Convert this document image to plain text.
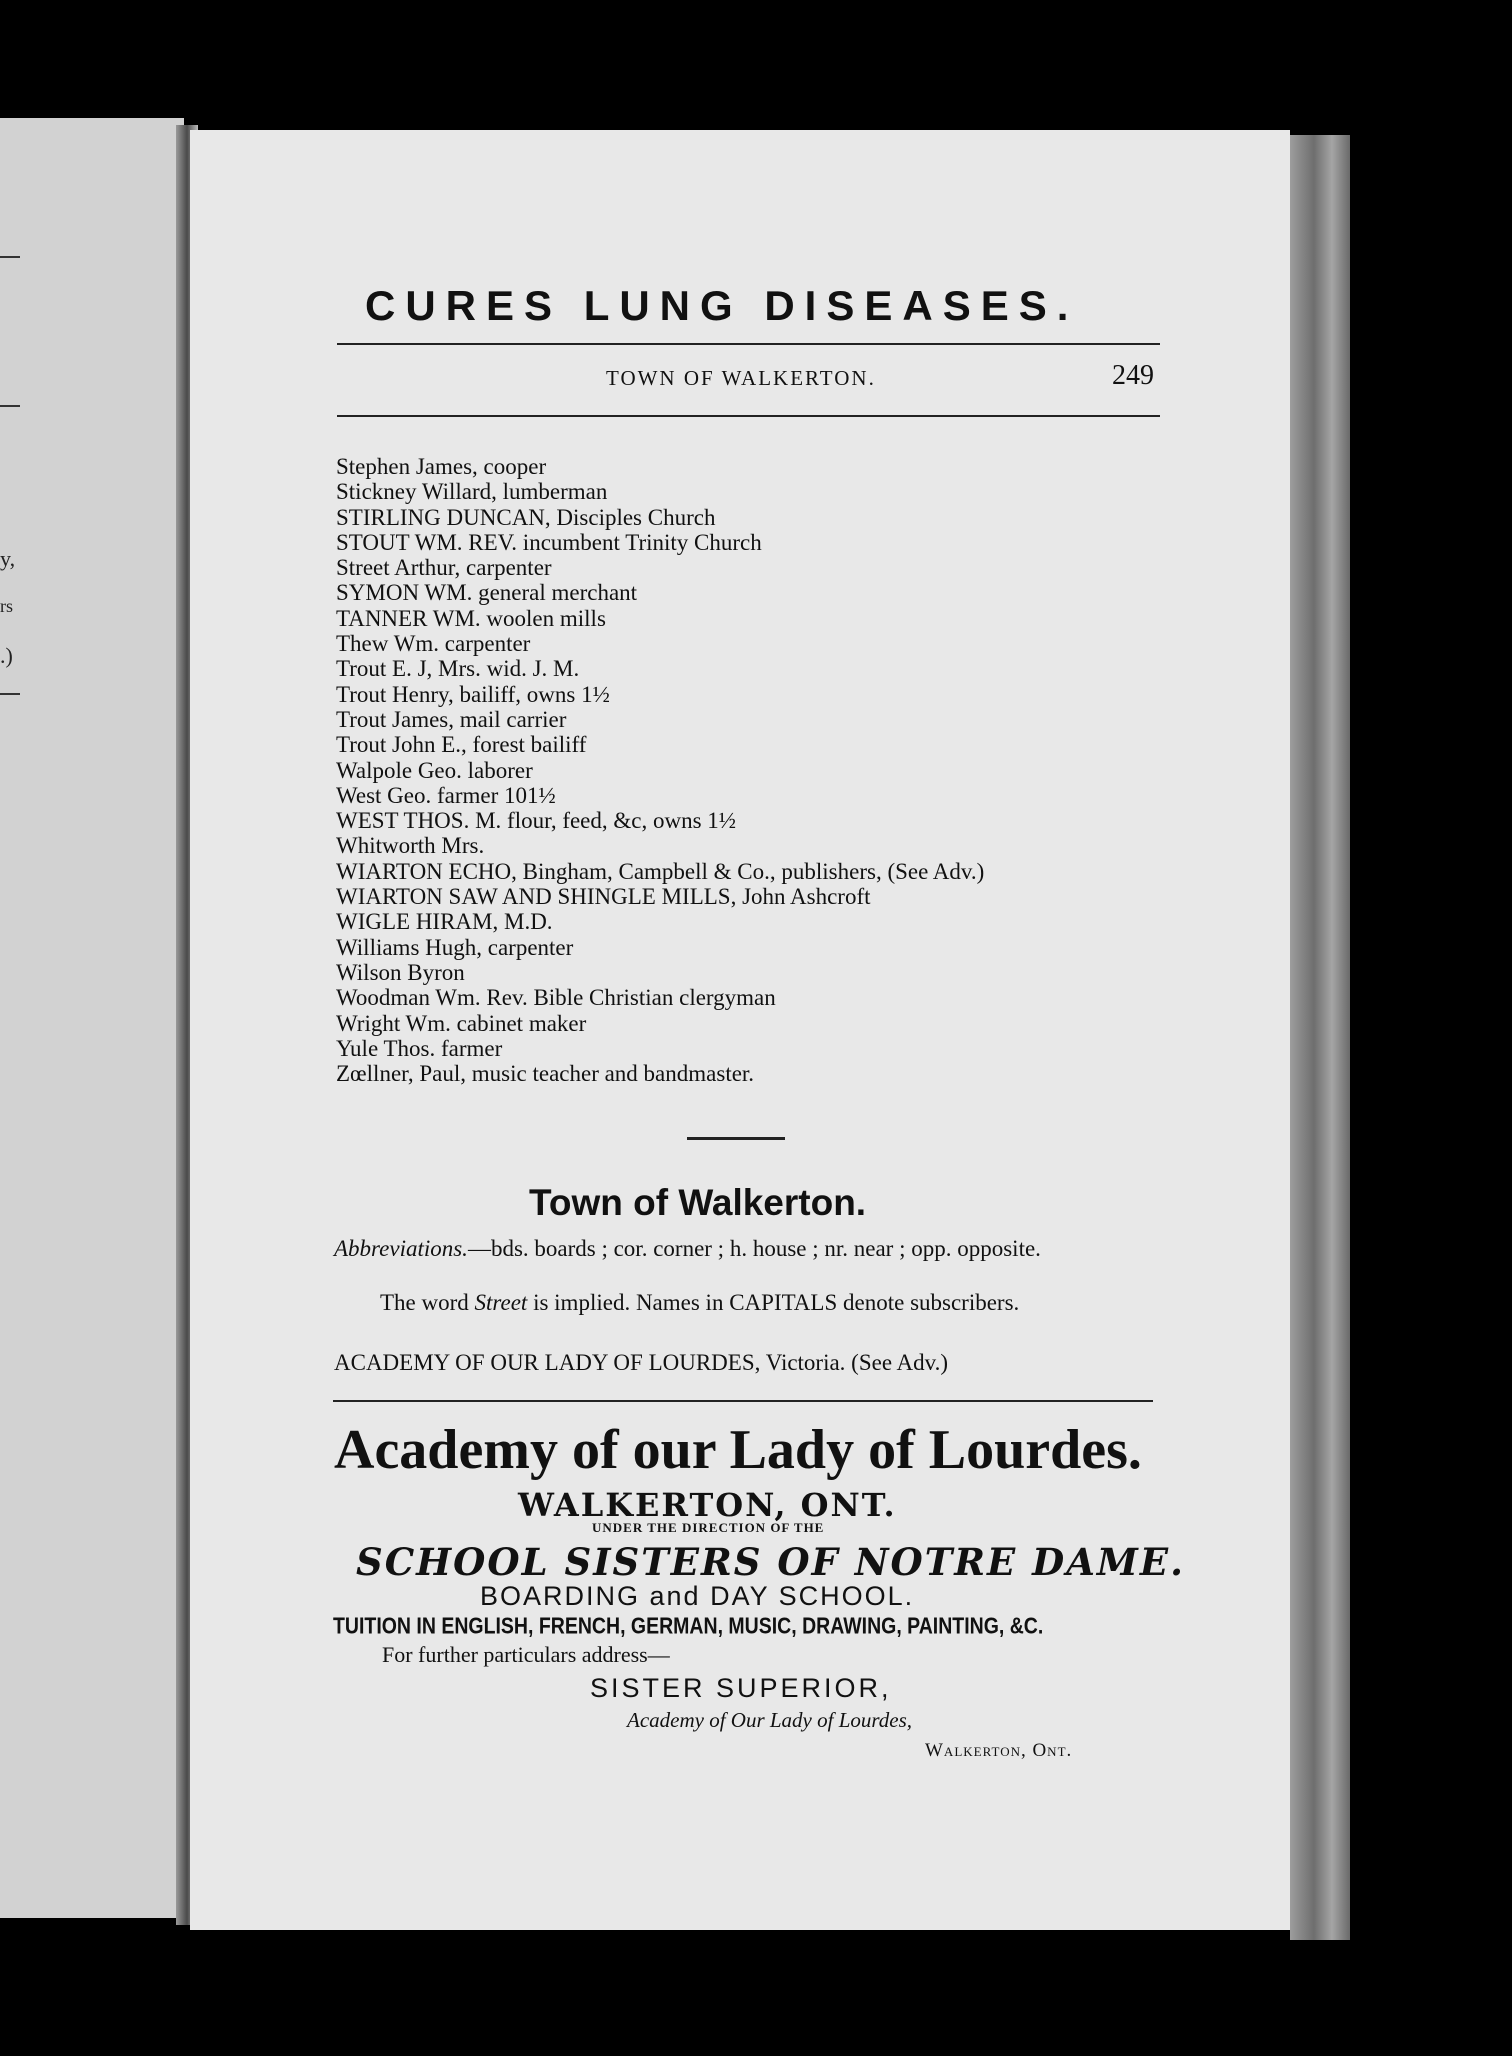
y,
rs
.)
CURES LUNG DISEASES.
TOWN OF WALKERTON.	249
Stephen James, cooper
Stickney Willard, lumberman
STIRLING DUNCAN, Disciples Church
STOUT WM. REV. incumbent Trinity Church
Street Arthur, carpenter
SYMON WM. general merchant
TANNER WM. woolen mills
Thew Wm. carpenter
Trout E. J, Mrs. wid. J. M.
Trout Henry, bailiff, owns 1½
Trout James, mail carrier
Trout John E., forest bailiff
Walpole Geo. laborer
West Geo. farmer 101½
WEST THOS. M. flour, feed, &c, owns 1½
Whitworth Mrs.
WIARTON ECHO, Bingham, Campbell & Co., publishers, (See Adv.)
WIARTON SAW AND SHINGLE MILLS, John Ashcroft
WIGLE HIRAM, M.D.
Williams Hugh, carpenter
Wilson Byron
Woodman Wm. Rev. Bible Christian clergyman
Wright Wm. cabinet maker
Yule Thos. farmer
Zœllner, Paul, music teacher and bandmaster.
Town of Walkerton.
Abbreviations.—bds. boards ; cor. corner ; h. house ; nr. near ; opp. opposite.
The word Street is implied. Names in CAPITALS denote subscribers.
ACADEMY OF OUR LADY OF LOURDES, Victoria. (See Adv.)
Academy of our Lady of Lourdes.
WALKERTON, ONT.
UNDER THE DIRECTION OF THE
SCHOOL SISTERS OF NOTRE DAME.
BOARDING and DAY SCHOOL.
TUITION IN ENGLISH, FRENCH, GERMAN, MUSIC, DRAWING, PAINTING, &C.
For further particulars address—
SISTER SUPERIOR,
Academy of Our Lady of Lourdes,
Walkerton, Ont.
